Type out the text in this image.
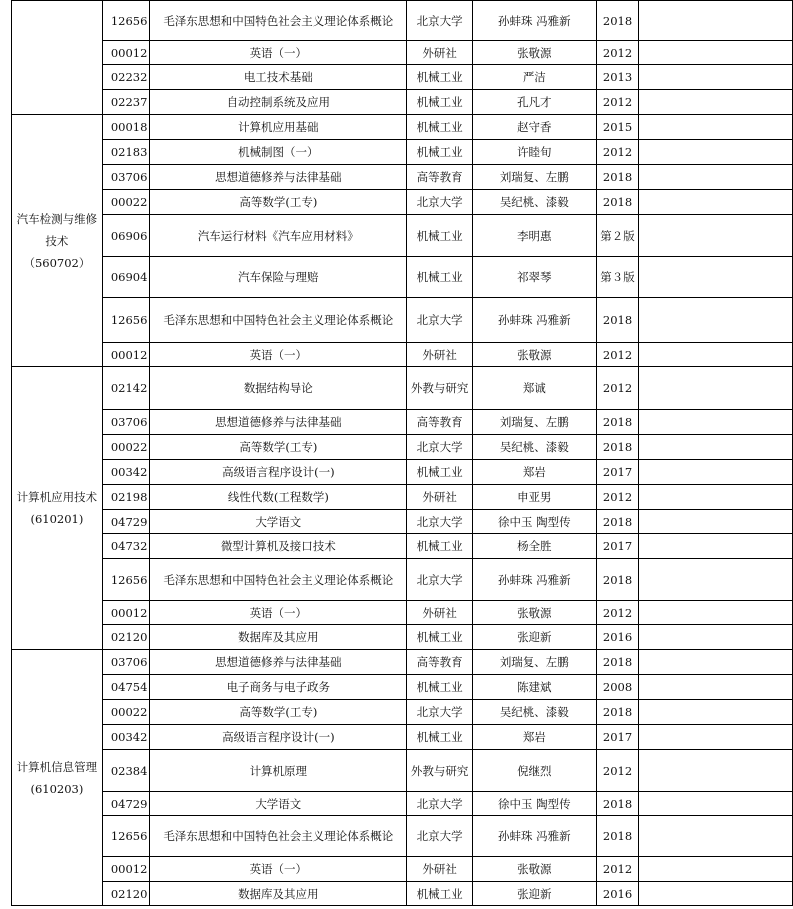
	12656	毛泽东思想和中国特色社会主义理论体系概论	北京大学	孙蚌珠 冯雅新	2018	
	00012	英语（一）	外研社	张敬源	2012	
	02232	电工技术基础	机械工业	严洁	2013	
	02237	自动控制系统及应用	机械工业	孔凡才	2012	
汽车检测与维修技术（560702）	00018	计算机应用基础	机械工业	赵守香	2015	
	02183	机械制图（一）	机械工业	许睦旬	2012	
	03706	思想道德修养与法律基础	高等教育	刘瑞复、左鹏	2018	
	00022	高等数学(工专)	北京大学	吴纪桃、漆毅	2018	
	06906	汽车运行材料《汽车应用材料》	机械工业	李明惠	第２版	
	06904	汽车保险与理赔	机械工业	祁翠琴	第３版	
	12656	毛泽东思想和中国特色社会主义理论体系概论	北京大学	孙蚌珠 冯雅新	2018	
	00012	英语（一）	外研社	张敬源	2012	
计算机应用技术(610201)	02142	数据结构导论	外教与研究	郑诚	2012	
	03706	思想道德修养与法律基础	高等教育	刘瑞复、左鹏	2018	
	00022	高等数学(工专)	北京大学	吴纪桃、漆毅	2018	
	00342	高级语言程序设计(一)	机械工业	郑岩	2017	
	02198	线性代数(工程数学)	外研社	申亚男	2012	
	04729	大学语文	北京大学	徐中玉 陶型传	2018	
	04732	微型计算机及接口技术	机械工业	杨全胜	2017	
	12656	毛泽东思想和中国特色社会主义理论体系概论	北京大学	孙蚌珠 冯雅新	2018	
	00012	英语（一）	外研社	张敬源	2012	
	02120	数据库及其应用	机械工业	张迎新	2016	
计算机信息管理(610203)	03706	思想道德修养与法律基础	高等教育	刘瑞复、左鹏	2018	
	04754	电子商务与电子政务	机械工业	陈建斌	2008	
	00022	高等数学(工专)	北京大学	吴纪桃、漆毅	2018	
	00342	高级语言程序设计(一)	机械工业	郑岩	2017	
	02384	计算机原理	外教与研究	倪继烈	2012	
	04729	大学语文	北京大学	徐中玉 陶型传	2018	
	12656	毛泽东思想和中国特色社会主义理论体系概论	北京大学	孙蚌珠 冯雅新	2018	
	00012	英语（一）	外研社	张敬源	2012	
	02120	数据库及其应用	机械工业	张迎新	2016	
